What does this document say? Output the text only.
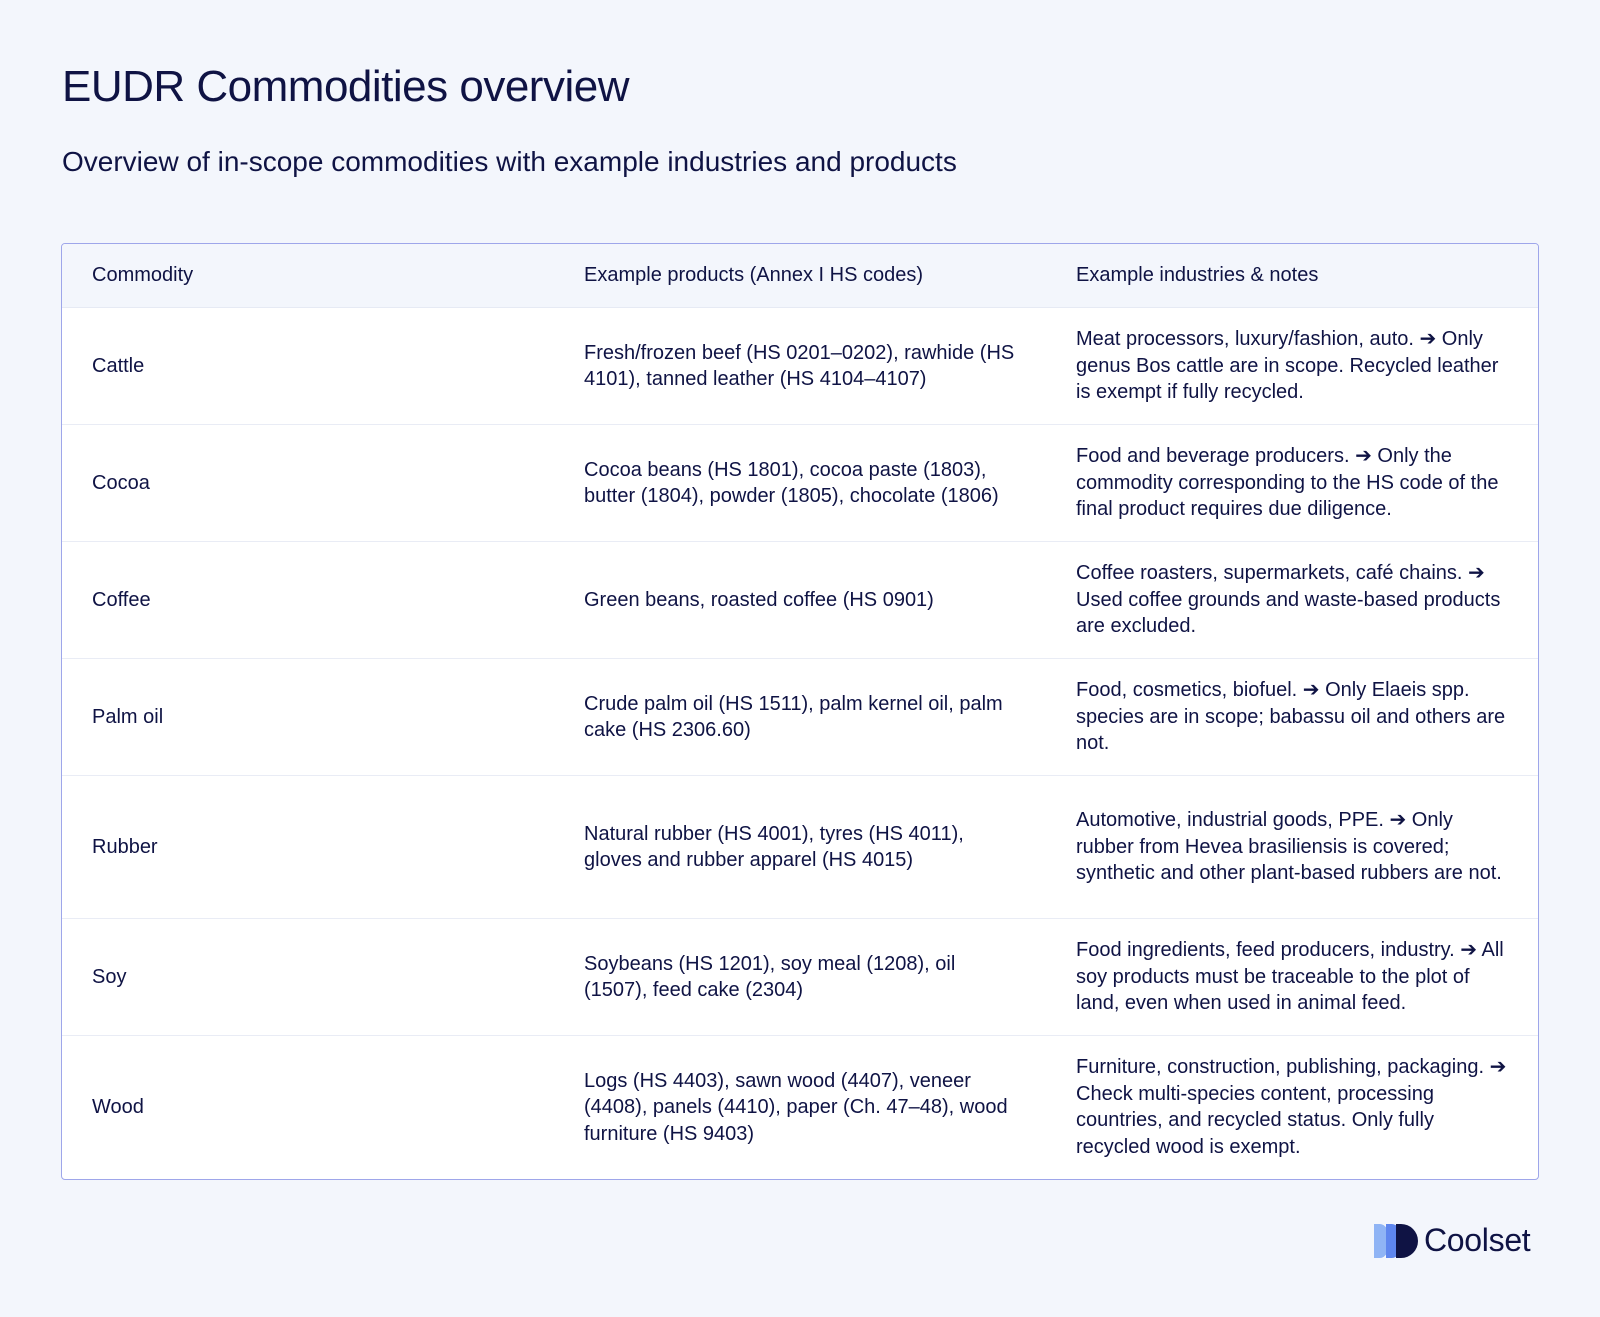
EUDR Commodities overview

Overview of in-scope commodities with example industries and products

Commodity	Example products (Annex I HS codes)	Example industries & notes
Cattle	Fresh/frozen beef (HS 0201–0202), rawhide (HS 4101), tanned leather (HS 4104–4107)	Meat processors, luxury/fashion, auto. ➔ Only genus Bos cattle are in scope. Recycled leather is exempt if fully recycled.
Cocoa	Cocoa beans (HS 1801), cocoa paste (1803), butter (1804), powder (1805), chocolate (1806)	Food and beverage producers. ➔ Only the commodity corresponding to the HS code of the final product requires due diligence.
Coffee	Green beans, roasted coffee (HS 0901)	Coffee roasters, supermarkets, café chains. ➔ Used coffee grounds and waste-based products are excluded.
Palm oil	Crude palm oil (HS 1511), palm kernel oil, palm cake (HS 2306.60)	Food, cosmetics, biofuel. ➔ Only Elaeis spp. species are in scope; babassu oil and others are not.
Rubber	Natural rubber (HS 4001), tyres (HS 4011), gloves and rubber apparel (HS 4015)	Automotive, industrial goods, PPE. ➔ Only rubber from Hevea brasiliensis is covered; synthetic and other plant-based rubbers are not.
Soy	Soybeans (HS 1201), soy meal (1208), oil (1507), feed cake (2304)	Food ingredients, feed producers, industry. ➔ All soy products must be traceable to the plot of land, even when used in animal feed.
Wood	Logs (HS 4403), sawn wood (4407), veneer (4408), panels (4410), paper (Ch. 47–48), wood furniture (HS 9403)	Furniture, construction, publishing, packaging. ➔ Check multi-species content, processing countries, and recycled status. Only fully recycled wood is exempt.
Coolset
